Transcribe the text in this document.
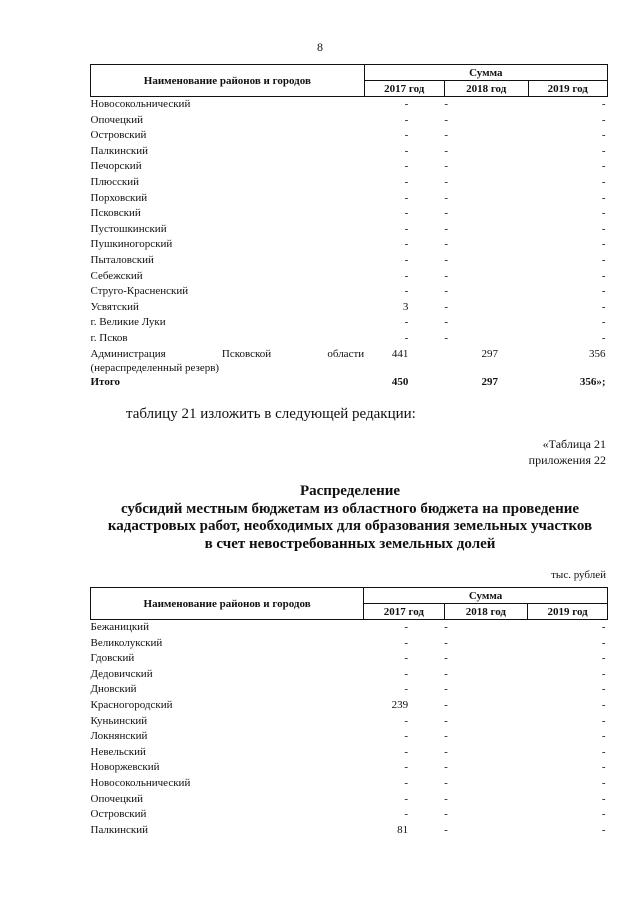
8
Наименование районов и городов	Сумма		
	2017 год	2018 год	2019 год
Новосокольнический	-	-	-
Опочецкий	-	-	-
Островский	-	-	-
Палкинский	-	-	-
Печорский	-	-	-
Плюсский	-	-	-
Порховский	-	-	-
Псковский	-	-	-
Пустошкинский	-	-	-
Пушкиногорский	-	-	-
Пыталовский	-	-	-
Себежский	-	-	-
Струго-Красненский	-	-	-
Усвятский	3	-	-
г. Великие Луки	-	-	-
г. Псков	-	-	-

Администрация Псковской области
(нераспределенный резерв)	441	297	356
Итого	450	297	356»;
таблицу 21 изложить в следующей редакции:
«Таблица 21
приложения 22
Распределение
субсидий местным бюджетам из областного бюджета на проведение
кадастровых работ, необходимых для образования земельных участков
в счет невостребованных земельных долей
тыс. рублей
Наименование районов и городов	Сумма		
	2017 год	2018 год	2019 год
Бежаницкий	-	-	-
Великолукский	-	-	-
Гдовский	-	-	-
Дедовичский	-	-	-
Дновский	-	-	-
Красногородский	239	-	-
Куньинский	-	-	-
Локнянский	-	-	-
Невельский	-	-	-
Новоржевский	-	-	-
Новосокольнический	-	-	-
Опочецкий	-	-	-
Островский	-	-	-
Палкинский	81	-	-
